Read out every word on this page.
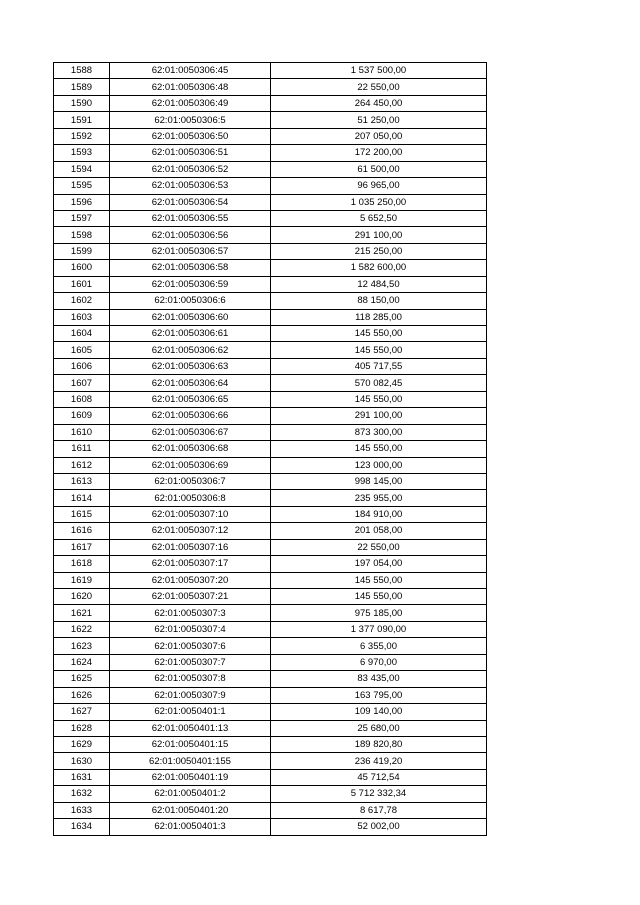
1588	62:01:0050306:45	1 537 500,00
1589	62:01:0050306:48	22 550,00
1590	62:01:0050306:49	264 450,00
1591	62:01:0050306:5	51 250,00
1592	62:01:0050306:50	207 050,00
1593	62:01:0050306:51	172 200,00
1594	62:01:0050306:52	61 500,00
1595	62:01:0050306:53	96 965,00
1596	62:01:0050306:54	1 035 250,00
1597	62:01:0050306:55	5 652,50
1598	62:01:0050306:56	291 100,00
1599	62:01:0050306:57	215 250,00
1600	62:01:0050306:58	1 582 600,00
1601	62:01:0050306:59	12 484,50
1602	62:01:0050306:6	88 150,00
1603	62:01:0050306:60	118 285,00
1604	62:01:0050306:61	145 550,00
1605	62:01:0050306:62	145 550,00
1606	62:01:0050306:63	405 717,55
1607	62:01:0050306:64	570 082,45
1608	62:01:0050306:65	145 550,00
1609	62:01:0050306:66	291 100,00
1610	62:01:0050306:67	873 300,00
1611	62:01:0050306:68	145 550,00
1612	62:01:0050306:69	123 000,00
1613	62:01:0050306:7	998 145,00
1614	62:01:0050306:8	235 955,00
1615	62:01:0050307:10	184 910,00
1616	62:01:0050307:12	201 058,00
1617	62:01:0050307:16	22 550,00
1618	62:01:0050307:17	197 054,00
1619	62:01:0050307:20	145 550,00
1620	62:01:0050307:21	145 550,00
1621	62:01:0050307:3	975 185,00
1622	62:01:0050307:4	1 377 090,00
1623	62:01:0050307:6	6 355,00
1624	62:01:0050307:7	6 970,00
1625	62:01:0050307:8	83 435,00
1626	62:01:0050307:9	163 795,00
1627	62:01:0050401:1	109 140,00
1628	62:01:0050401:13	25 680,00
1629	62:01:0050401:15	189 820,80
1630	62:01:0050401:155	236 419,20
1631	62:01:0050401:19	45 712,54
1632	62:01:0050401:2	5 712 332,34
1633	62:01:0050401:20	8 617,78
1634	62:01:0050401:3	52 002,00
